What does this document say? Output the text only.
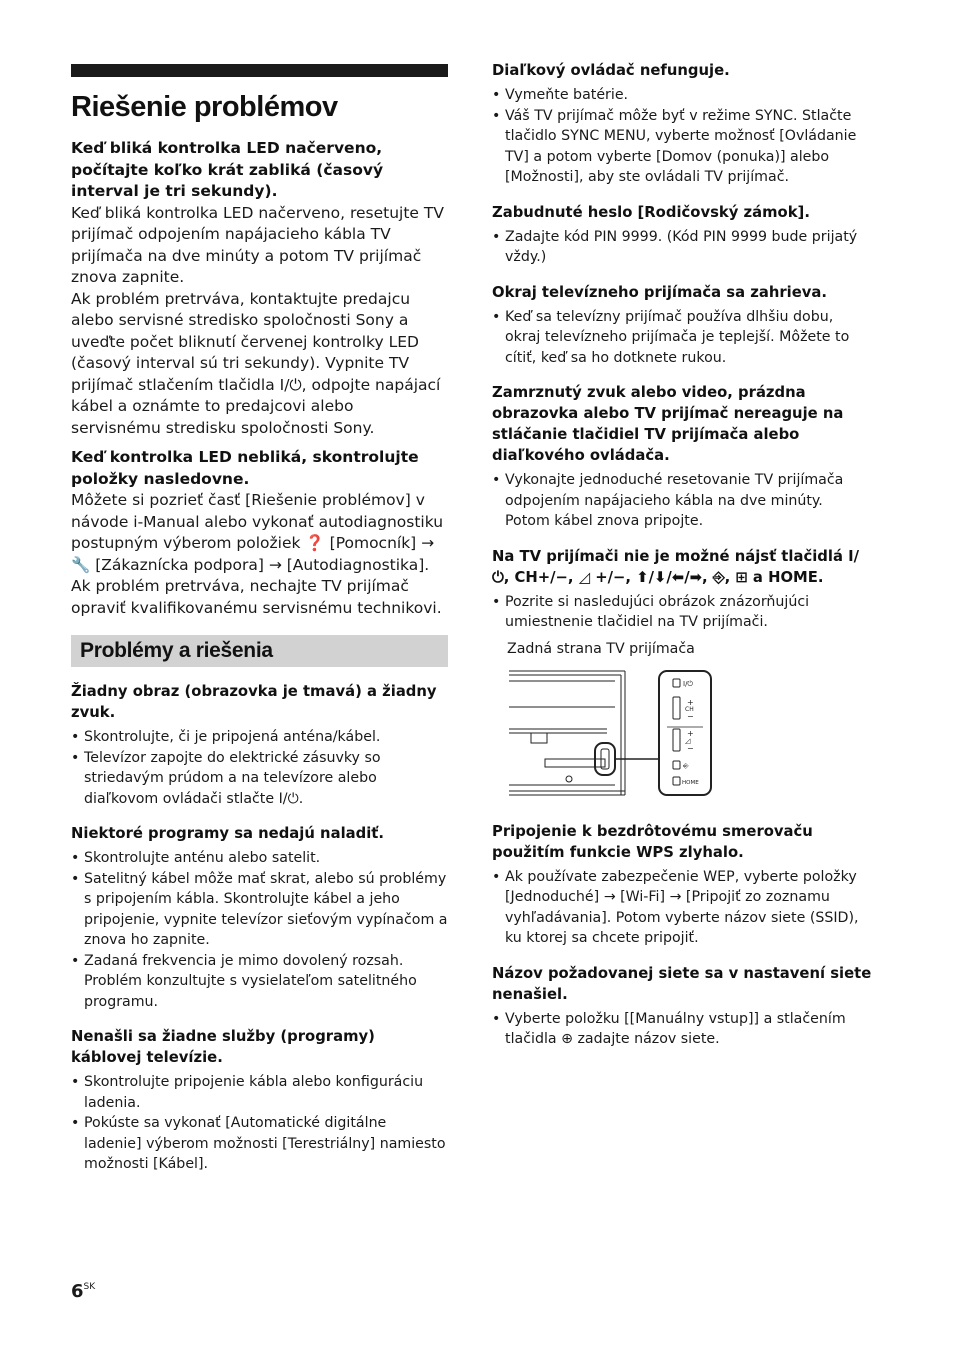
Riešenie problémov

Keď bliká kontrolka LED načerveno, počítajte koľko krát zabliká (časový interval je tri sekundy).

Keď bliká kontrolka LED načerveno, resetujte TV prijímač odpojením napájacieho kábla TV prijímača na dve minúty a potom TV prijímač znova zapnite.

Ak problém pretrváva, kontaktujte predajcu alebo servisné stredisko spoločnosti Sony a uveďte počet bliknutí červenej kontrolky LED (časový interval sú tri sekundy). Vypnite TV prijímač stlačením tlačidla I/⏻, odpojte napájací kábel a oznámte to predajcovi alebo servisnému stredisku spoločnosti Sony.

Keď kontrolka LED nebliká, skontrolujte položky nasledovne.

Môžete si pozrieť časť [Riešenie problémov] v návode i-Manual alebo vykonať autodiagnostiku postupným výberom položiek ❓ [Pomocník] → 🔧 [Zákaznícka podpora] → [Autodiagnostika]. Ak problém pretrváva, nechajte TV prijímač opraviť kvalifikovanému servisnému technikovi.

Problémy a riešenia

Žiadny obraz (obrazovka je tmavá) a žiadny zvuk.

• Skontrolujte, či je pripojená anténa/kábel.
• Televízor zapojte do elektrické zásuvky so striedavým prúdom a na televízore alebo diaľkovom ovládači stlačte I/⏻.

Niektoré programy sa nedajú naladiť.

• Skontrolujte anténu alebo satelit.
• Satelitný kábel môže mať skrat, alebo sú problémy s pripojením kábla. Skontrolujte kábel a jeho pripojenie, vypnite televízor sieťovým vypínačom a znova ho zapnite.
• Zadaná frekvencia je mimo dovolený rozsah. Problém konzultujte s vysielateľom satelitného programu.

Nenašli sa žiadne služby (programy) káblovej televízie.

• Skontrolujte pripojenie kábla alebo konfiguráciu ladenia.
• Pokúste sa vykonať [Automatické digitálne ladenie] výberom možnosti [Terestriálny] namiesto možnosti [Kábel].

Diaľkový ovládač nefunguje.

• Vymeňte batérie.
• Váš TV prijímač môže byť v režime SYNC. Stlačte tlačidlo SYNC MENU, vyberte možnosť [Ovládanie TV] a potom vyberte [Domov (ponuka)] alebo [Možnosti], aby ste ovládali TV prijímač.

Zabudnuté heslo [Rodičovský zámok].

• Zadajte kód PIN 9999. (Kód PIN 9999 bude prijatý vždy.)

Okraj televízneho prijímača sa zahrieva.

• Keď sa televízny prijímač používa dlhšiu dobu, okraj televízneho prijímača je teplejší. Môžete to cítiť, keď sa ho dotknete rukou.

Zamrznutý zvuk alebo video, prázdna obrazovka alebo TV prijímač nereaguje na stláčanie tlačidiel TV prijímača alebo diaľkového ovládača.

• Vykonajte jednoduché resetovanie TV prijímača odpojením napájacieho kábla na dve minúty. Potom kábel znova pripojte.

Na TV prijímači nie je možné nájsť tlačidlá I/⏻, CH+/−, ◿ +/−, ⬆/⬇/⬅/➡, ⎆, ⊞ a HOME.

• Pozrite si nasledujúci obrázok znázorňujúci umiestnenie tlačidiel na TV prijímači.
Zadná strana TV prijímača
I/⏻
+
CH
−
+
◿
−
⎆
HOME

Pripojenie k bezdrôtovému smerovaču použitím funkcie WPS zlyhalo.

• Ak používate zabezpečenie WEP, vyberte položky [Jednoduché] → [Wi-Fi] → [Pripojiť zo zoznamu vyhľadávania]. Potom vyberte názov siete (SSID), ku ktorej sa chcete pripojiť.

Názov požadovanej siete sa v nastavení siete nenašiel.

• Vyberte položku [[Manuálny vstup]] a stlačením tlačidla ⊕ zadajte názov siete.
$6^{SK}$
